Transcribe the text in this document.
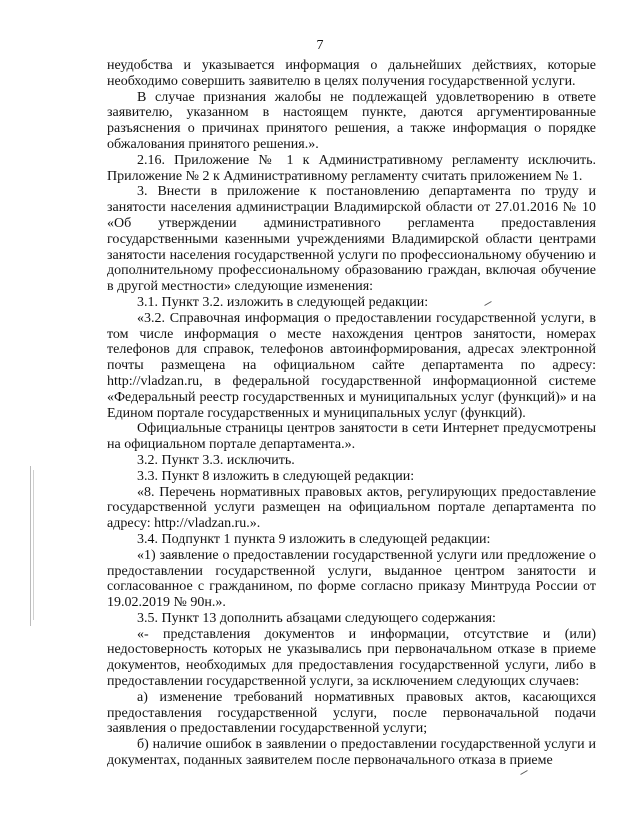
7

неудобства и указывается информация о дальнейших действиях, которые необходимо совершить заявителю в целях получения государственной услуги.

В случае признания жалобы не подлежащей удовлетворению в ответе заявителю, указанном в настоящем пункте, даются аргументированные разъяснения о причинах принятого решения, а также информация о порядке обжалования принятого решения.».

2.16. Приложение № 1 к Административному регламенту исключить. Приложение № 2 к Административному регламенту считать приложением № 1.

3. Внести в приложение к постановлению департамента по труду и занятости населения администрации Владимирской области от 27.01.2016 № 10 «Об утверждении административного регламента предоставления государственными казенными учреждениями Владимирской области центрами занятости населения государственной услуги по профессиональному обучению и дополнительному профессиональному образованию граждан, включая обучение в другой местности» следующие изменения:

3.1. Пункт 3.2. изложить в следующей редакции:

«3.2. Справочная информация о предоставлении государственной услуги, в том числе информация о месте нахождения центров занятости, номерах телефонов для справок, телефонов автоинформирования, адресах электронной почты размещена на официальном сайте департамента по адресу: http://vladzan.ru, в федеральной государственной информационной системе «Федеральный реестр государственных и муниципальных услуг (функций)» и на Едином портале государственных и муниципальных услуг (функций).

Официальные страницы центров занятости в сети Интернет предусмотрены на официальном портале департамента.».

3.2. Пункт 3.3. исключить.

3.3. Пункт 8 изложить в следующей редакции:

«8. Перечень нормативных правовых актов, регулирующих предоставление государственной услуги размещен на официальном портале департамента по адресу: http://vladzan.ru.».

3.4. Подпункт 1 пункта 9 изложить в следующей редакции:

«1) заявление о предоставлении государственной услуги или предложение о предоставлении государственной услуги, выданное центром занятости и согласованное с гражданином, по форме согласно приказу Минтруда России от 19.02.2019 № 90н.».

3.5. Пункт 13 дополнить абзацами следующего содержания:

«- представления документов и информации, отсутствие и (или) недостоверность которых не указывались при первоначальном отказе в приеме документов, необходимых для предоставления государственной услуги, либо в предоставлении государственной услуги, за исключением следующих случаев:

а) изменение требований нормативных правовых актов, касающихся предоставления государственной услуги, после первоначальной подачи заявления о предоставлении государственной услуги;

б) наличие ошибок в заявлении о предоставлении государственной услуги и документах, поданных заявителем после первоначального отказа в приеме
